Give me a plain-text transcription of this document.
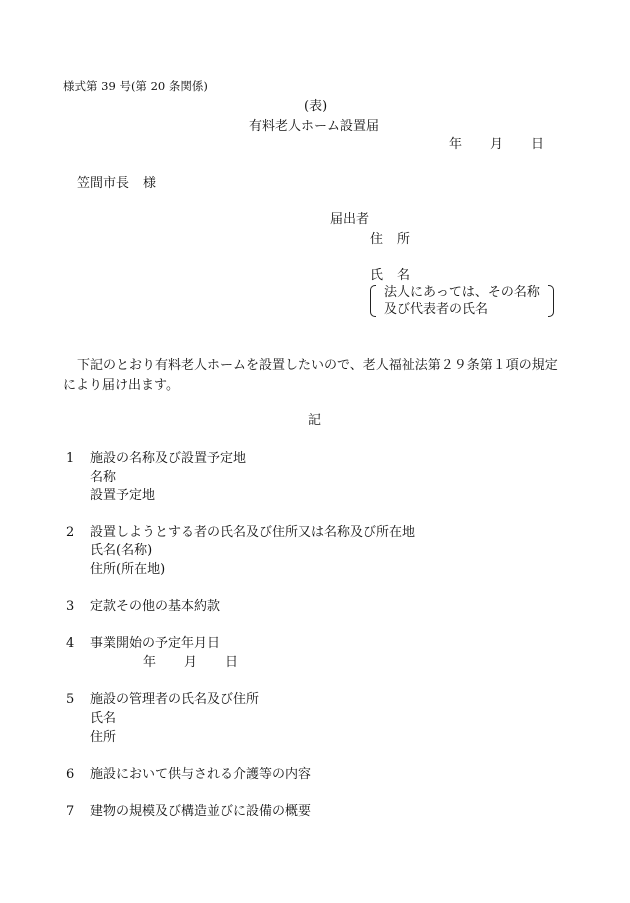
様式第 39 号(第 20 条関係)
(表)
有料老人ホーム設置届
年 月 日
笠間市長 様
届出者
住 所
氏 名
法人にあっては、その名称
及び代表者の氏名
下記のとおり有料老人ホームを設置したいので、老人福祉法第２９条第１項の規定
により届け出ます。
記
1 施設の名称及び設置予定地
名称
設置予定地
2 設置しようとする者の氏名及び住所又は名称及び所在地
氏名(名称)
住所(所在地)
3 定款その他の基本約款
4 事業開始の予定年月日
年 月 日
5 施設の管理者の氏名及び住所
氏名
住所
6 施設において供与される介護等の内容
7 建物の規模及び構造並びに設備の概要
